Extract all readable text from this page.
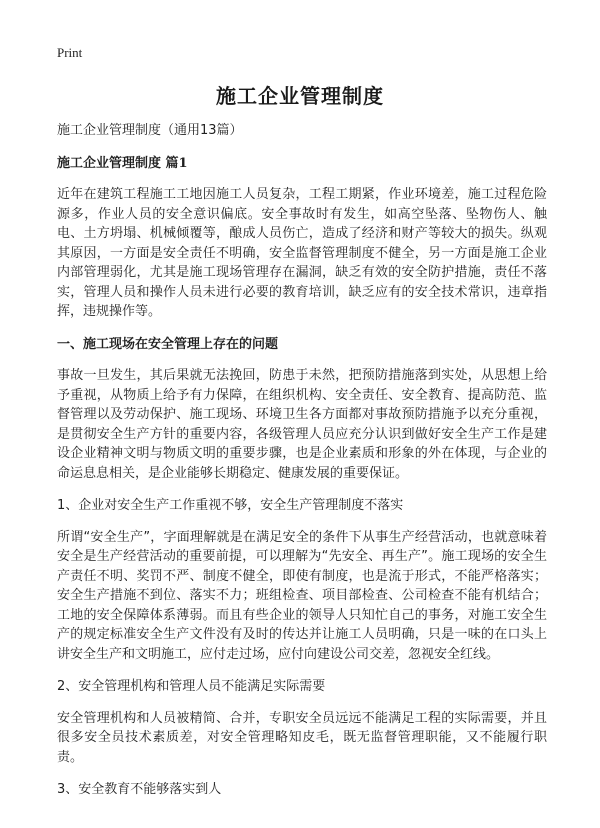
Print
施工企业管理制度

施工企业管理制度（通用13篇）

施工企业管理制度 篇1

近年在建筑工程施工工地因施工人员复杂，工程工期紧，作业环境差，施工过程危险源多，作业人员的安全意识偏底。安全事故时有发生，如高空坠落、坠物伤人、触电、土方坍塌、机械倾覆等，酿成人员伤亡，造成了经济和财产等较大的损失。纵观其原因，一方面是安全责任不明确，安全监督管理制度不健全，另一方面是施工企业内部管理弱化，尤其是施工现场管理存在漏洞，缺乏有效的安全防护措施，责任不落实，管理人员和操作人员未进行必要的教育培训，缺乏应有的安全技术常识，违章指挥，违规操作等。

一、施工现场在安全管理上存在的问题

事故一旦发生，其后果就无法挽回，防患于未然，把预防措施落到实处，从思想上给予重视，从物质上给予有力保障，在组织机构、安全责任、安全教育、提高防范、监督管理以及劳动保护、施工现场、环境卫生各方面都对事故预防措施予以充分重视，是贯彻安全生产方针的重要内容，各级管理人员应充分认识到做好安全生产工作是建设企业精神文明与物质文明的重要步骤，也是企业素质和形象的外在体现，与企业的命运息息相关，是企业能够长期稳定、健康发展的重要保证。

1、企业对安全生产工作重视不够，安全生产管理制度不落实

所谓“安全生产”，字面理解就是在满足安全的条件下从事生产经营活动，也就意味着安全是生产经营活动的重要前提，可以理解为“先安全、再生产”。施工现场的安全生产责任不明、奖罚不严、制度不健全，即使有制度，也是流于形式，不能严格落实；安全生产措施不到位、落实不力；班组检查、项目部检查、公司检查不能有机结合；工地的安全保障体系薄弱。而且有些企业的领导人只知忙自己的事务，对施工安全生产的规定标准安全生产文件没有及时的传达并让施工人员明确，只是一味的在口头上讲安全生产和文明施工，应付走过场，应付向建设公司交差，忽视安全红线。

2、安全管理机构和管理人员不能满足实际需要

安全管理机构和人员被精简、合并，专职安全员远远不能满足工程的实际需要，并且很多安全员技术素质差，对安全管理略知皮毛，既无监督管理职能，又不能履行职责。

3、安全教育不能够落实到人
